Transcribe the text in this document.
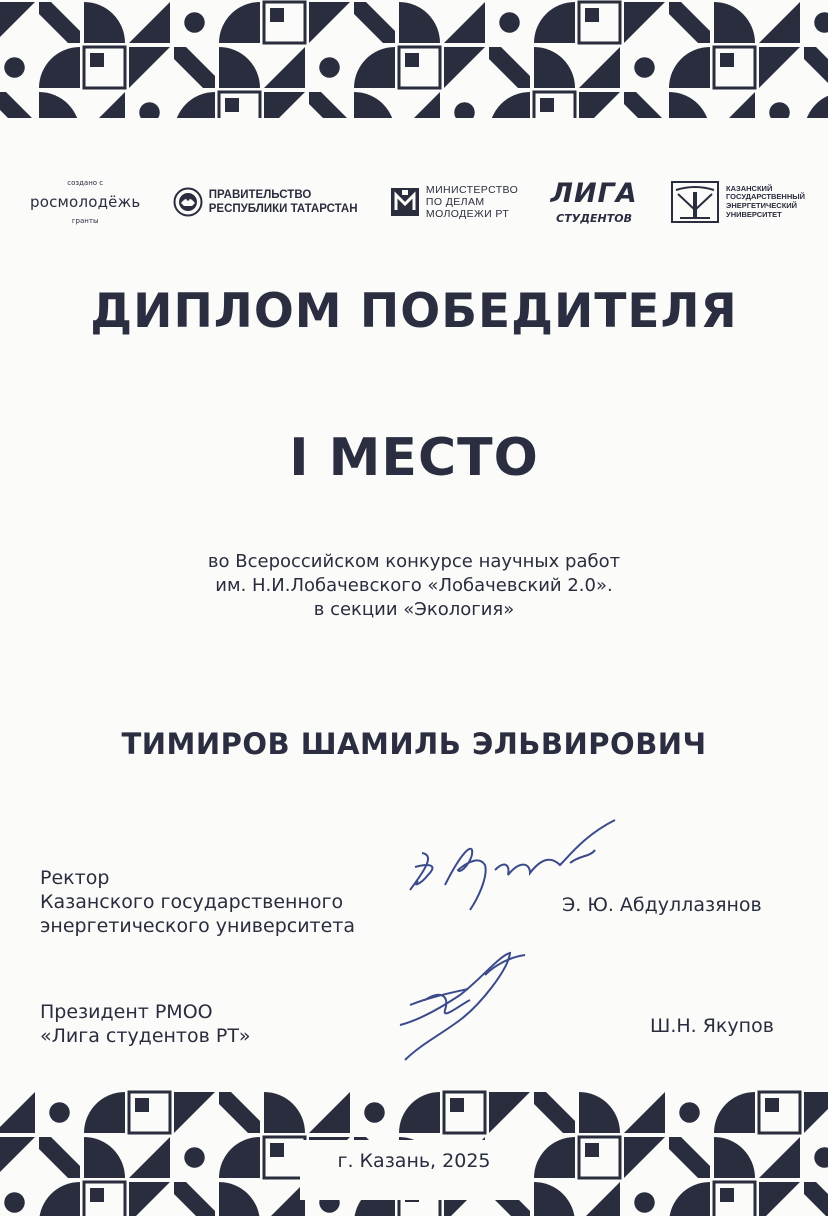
создано с
росмолодёжь
гранты
ПРАВИТЕЛЬСТВО
РЕСПУБЛИКИ ТАТАРСТАН
МИНИСТЕРСТВО
ПО ДЕЛАМ
МОЛОДЕЖИ РТ
ЛИГА
СТУДЕНТОВ
КАЗАНСКИЙ
ГОСУДАРСТВЕННЫЙ
ЭНЕРГЕТИЧЕСКИЙ
УНИВЕРСИТЕТ
ДИПЛОМ ПОБЕДИТЕЛЯ
I МЕСТО
во Всероссийском конкурсе научных работ
им. Н.И.Лобачевского «Лобачевский 2.0».
в секции «Экология»
ТИМИРОВ ШАМИЛЬ ЭЛЬВИРОВИЧ
Ректор
Казанского государственного
энергетического университета
Э. Ю. Абдуллазянов
Президент РМОО
«Лига студентов РТ»	Ш.Н. Якупов
г. Казань, 2025
